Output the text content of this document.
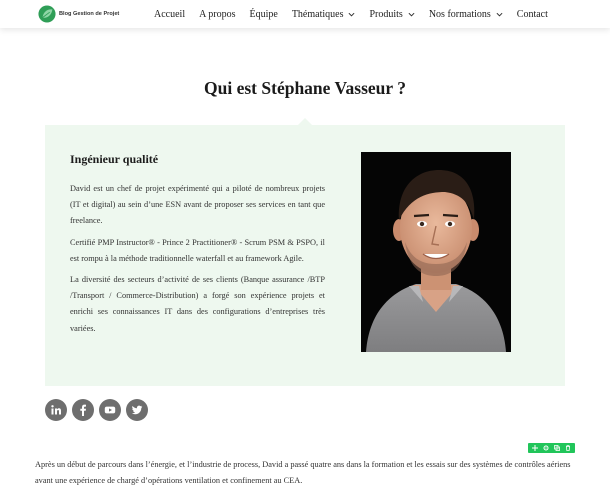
Blog Gestion de Projet	Accueil A propos Équipe Thématiques	Produits	Nos formations	Contact
Qui est Stéphane Vasseur ?
Ingénieur qualité

David est un chef de projet expérimenté qui a piloté de nombreux projets (IT et digital) au sein d’une ESN avant de proposer ses services en tant que freelance.

Certifié PMP Instructor® - Prince 2 Practitioner® - Scrum PSM & PSPO, il est rompu à la méthode traditionnelle waterfall et au framework Agile.

La diversité des secteurs d’activité de ses clients (Banque assurance /BTP /Transport / Commerce-Distribution) a forgé son expérience projets et enrichi ses connaissances IT dans des configurations d’entreprises très variées.

Après un début de parcours dans l’énergie, et l’industrie de process, David a passé quatre ans dans la formation et les essais sur des systèmes de contrôles aériens avant une expérience de chargé d’opérations ventilation et confinement au CEA.
